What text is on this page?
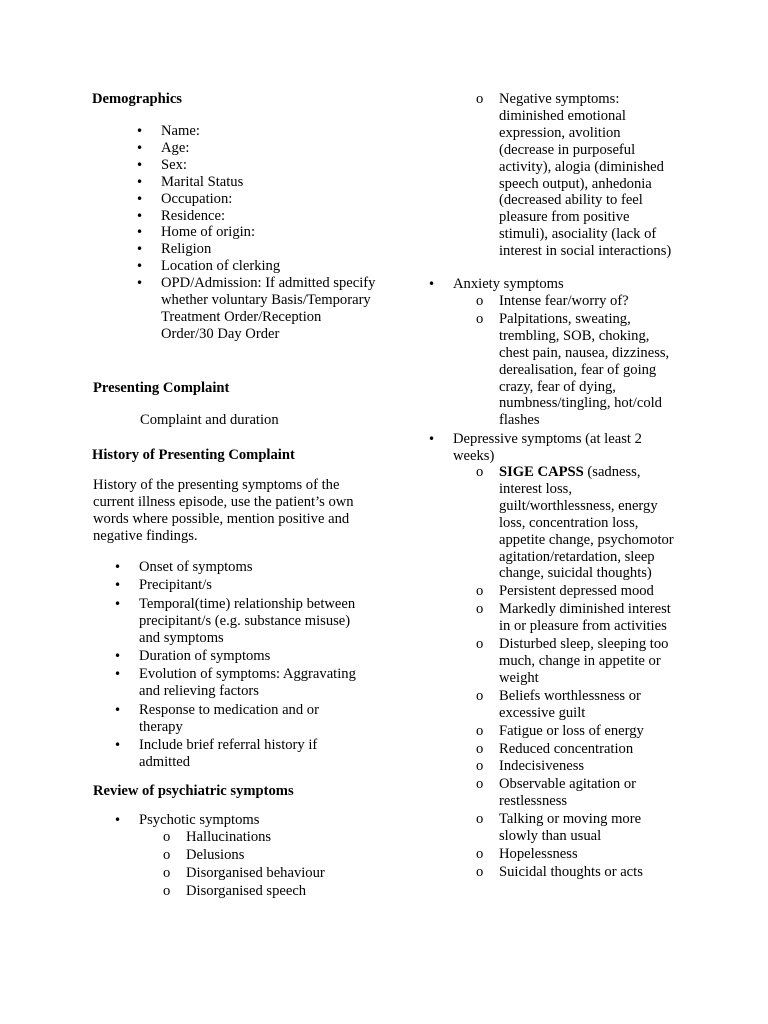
Demographics
• Name:
• Age:
• Sex:
• Marital Status
• Occupation:
• Residence:
• Home of origin:
• Religion
• Location of clerking
• OPD/Admission: If admitted specify whether voluntary Basis/Temporary Treatment Order/Reception Order/30 Day Order
Presenting Complaint
Complaint and duration
History of Presenting Complaint
History of the presenting symptoms of the current illness episode, use the patient’s own words where possible, mention positive and negative findings.
• Onset of symptoms
• Precipitant/s
• Temporal(time) relationship between precipitant/s (e.g. substance misuse) and symptoms
• Duration of symptoms
• Evolution of symptoms: Aggravating and relieving factors
• Response to medication and or therapy
• Include brief referral history if admitted
Review of psychiatric symptoms
• Psychotic symptoms
o Hallucinations
o Delusions
o Disorganised behaviour
o Disorganised speech
o Negative symptoms: diminished emotional expression, avolition (decrease in purposeful activity), alogia (diminished speech output), anhedonia (decreased ability to feel pleasure from positive stimuli), asociality (lack of interest in social interactions)
• Anxiety symptoms
o Intense fear/worry of?
o Palpitations, sweating, trembling, SOB, choking, chest pain, nausea, dizziness, derealisation, fear of going crazy, fear of dying, numbness/tingling, hot/cold flashes
• Depressive symptoms (at least 2 weeks)
o SIGE CAPSS (sadness, interest loss, guilt/worthlessness, energy loss, concentration loss, appetite change, psychomotor agitation/retardation, sleep change, suicidal thoughts)
o Persistent depressed mood
o Markedly diminished interest in or pleasure from activities
o Disturbed sleep, sleeping too much, change in appetite or weight
o Beliefs worthlessness or excessive guilt
o Fatigue or loss of energy
o Reduced concentration
o Indecisiveness
o Observable agitation or restlessness
o Talking or moving more slowly than usual
o Hopelessness
o Suicidal thoughts or acts
